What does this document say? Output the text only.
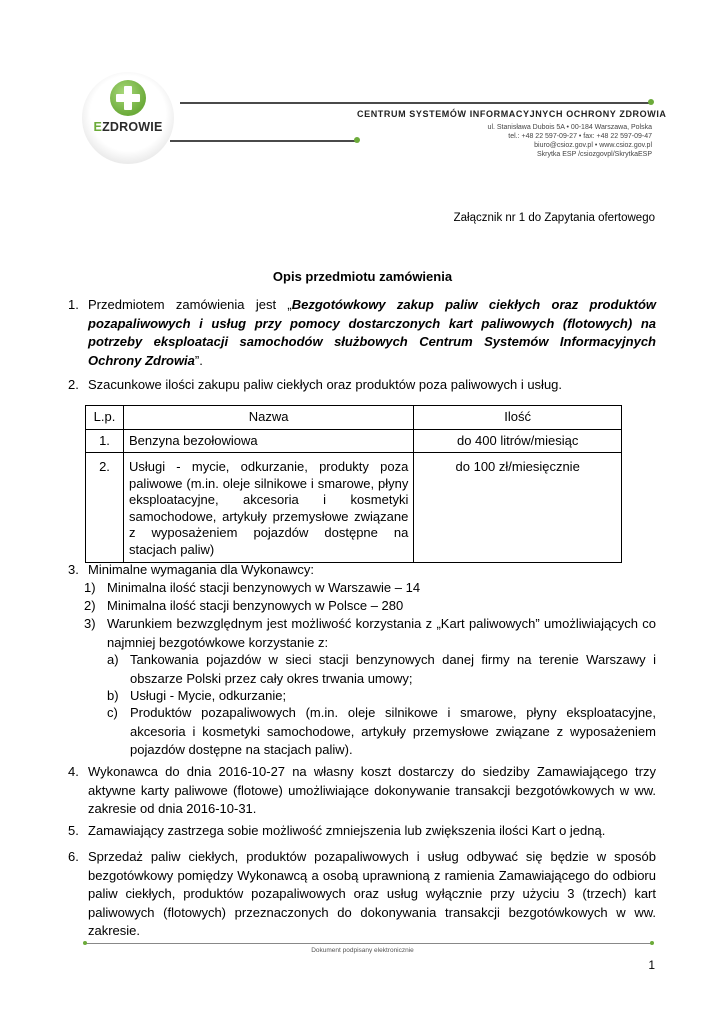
EZDROWIE
CENTRUM SYSTEMÓW INFORMACYJNYCH OCHRONY ZDROWIA
ul. Stanisława Dubois 5A • 00-184 Warszawa, Polska
tel.: +48 22 597-09-27 • fax: +48 22 597-09-47
biuro@csioz.gov.pl • www.csioz.gov.pl
Skrytka ESP /csiozgovpl/SkrytkaESP
Załącznik nr 1 do Zapytania ofertowego
Opis przedmiotu zamówienia
1. Przedmiotem zamówienia jest „Bezgotówkowy zakup paliw ciekłych oraz produktów pozapaliwowych i usług przy pomocy dostarczonych kart paliwowych (flotowych) na potrzeby eksploatacji samochodów służbowych Centrum Systemów Informacyjnych Ochrony Zdrowia”.
2. Szacunkowe ilości zakupu paliw ciekłych oraz produktów poza paliwowych i usług.
L.p.	Nazwa	Ilość
1.	Benzyna bezołowiowa	do 400 litrów/miesiąc
2.	Usługi - mycie, odkurzanie, produkty poza paliwowe (m.in. oleje silnikowe i smarowe, płyny eksploatacyjne, akcesoria i kosmetyki samochodowe, artykuły przemysłowe związane z wyposażeniem pojazdów dostępne na stacjach paliw)	do 100 zł/miesięcznie
3. Minimalne wymagania dla Wykonawcy:
1) Minimalna ilość stacji benzynowych w Warszawie – 14
2) Minimalna ilość stacji benzynowych w Polsce – 280
3) Warunkiem bezwzględnym jest możliwość korzystania z „Kart paliwowych” umożliwiających co najmniej bezgotówkowe korzystanie z:
a) Tankowania pojazdów w sieci stacji benzynowych danej firmy na terenie Warszawy i obszarze Polski przez cały okres trwania umowy;
b) Usługi - Mycie, odkurzanie;
c) Produktów pozapaliwowych (m.in. oleje silnikowe i smarowe, płyny eksploatacyjne, akcesoria i kosmetyki samochodowe, artykuły przemysłowe związane z wyposażeniem pojazdów dostępne na stacjach paliw).
4. Wykonawca do dnia 2016-10-27 na własny koszt dostarczy do siedziby Zamawiającego trzy aktywne karty paliwowe (flotowe) umożliwiające dokonywanie transakcji bezgotówkowych w ww. zakresie od dnia 2016-10-31.
5. Zamawiający zastrzega sobie możliwość zmniejszenia lub zwiększenia ilości Kart o jedną.
6. Sprzedaż paliw ciekłych, produktów pozapaliwowych i usług odbywać się będzie w sposób bezgotówkowy pomiędzy Wykonawcą a osobą uprawnioną z ramienia Zamawiającego do odbioru paliw ciekłych, produktów pozapaliwowych oraz usług wyłącznie przy użyciu 3 (trzech) kart paliwowych (flotowych) przeznaczonych do dokonywania transakcji bezgotówkowych w ww. zakresie.
Dokument podpisany elektronicznie
1
